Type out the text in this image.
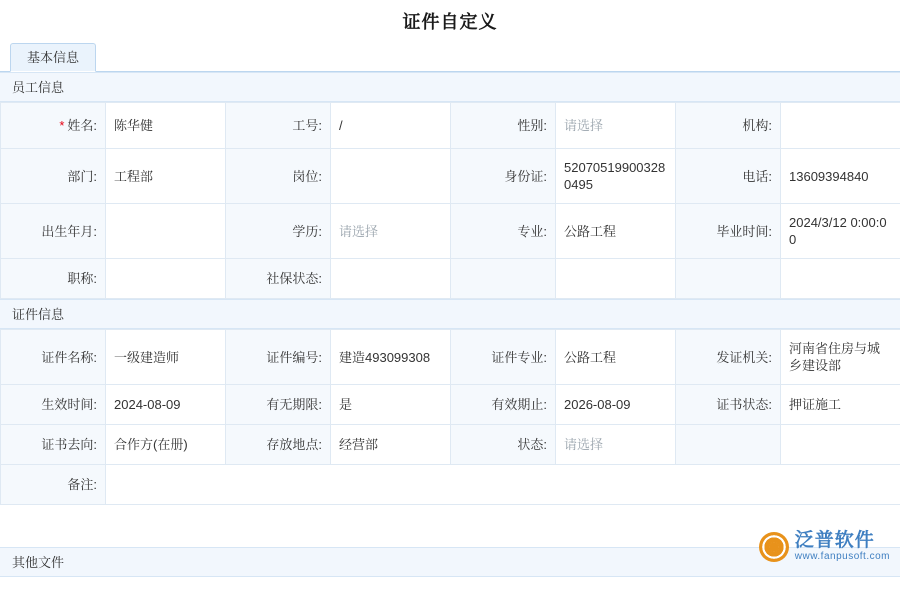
证件自定义
基本信息
员工信息
* 姓名:	陈华健	工号:	/	性别:	请选择	机构:	
部门:	工程部	岗位:		身份证:	520705199003280495	电话:	13609394840
出生年月:		学历:	请选择	专业:	公路工程	毕业时间:	2024/3/12 0:00:00
职称:		社保状态:					
证件信息
证件名称:	一级建造师	证件编号:	建造493099308	证件专业:	公路工程	发证机关:	河南省住房与城乡建设部
生效时间:	2024-08-09	有无期限:	是	有效期止:	2026-08-09	证书状态:	押证施工
证书去向:	合作方(在册)	存放地点:	经营部	状态:	请选择		
备注:							
其他文件
泛普软件
www.fanpusoft.com
